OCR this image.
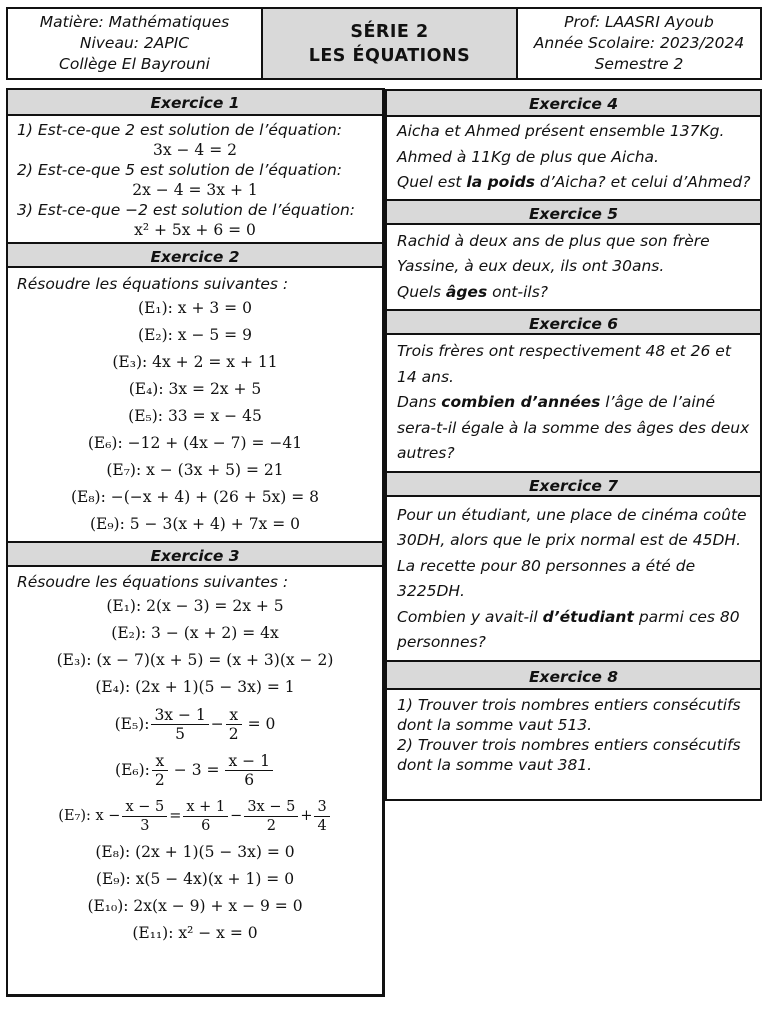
Matière: Mathématiques
Niveau: 2APIC
Collège El Bayrouni
SÉRIE 2
LES ÉQUATIONS
Prof: LAASRI Ayoub
Année Scolaire: 2023/2024
Semestre 2
Exercice 1
1) Est-ce-que 2 est solution de l’équation:
3x − 4 = 2
2) Est-ce-que 5 est solution de l’équation:
2x − 4 = 3x + 1
3) Est-ce-que −2 est solution de l’équation:
x² + 5x + 6 = 0
Exercice 2
Résoudre les équations suivantes :
(E₁): x + 3 = 0
(E₂): x − 5 = 9
(E₃): 4x + 2 = x + 11
(E₄): 3x = 2x + 5
(E₅): 33 = x − 45
(E₆): −12 + (4x − 7) = −41
(E₇): x − (3x + 5) = 21
(E₈): −(−x + 4) + (26 + 5x) = 8
(E₉): 5 − 3(x + 4) + 7x = 0
Exercice 3
Résoudre les équations suivantes :
(E₁): 2(x − 3) = 2x + 5
(E₂): 3 − (x + 2) = 4x
(E₃): (x − 7)(x + 5) = (x + 3)(x − 2)
(E₄): (2x + 1)(5 − 3x) = 1
(E₅): $\frac{3x - 1}{5} - \frac{x}{2} = 0$
(E₆): $\frac{x}{2} - 3 = \frac{x - 1}{6}$
(E₇): $x - \frac{x - 5}{3} = \frac{x + 1}{6} - \frac{3x - 5}{2} + \frac{3}{4}$
(E₈): (2x + 1)(5 − 3x) = 0
(E₉): x(5 − 4x)(x + 1) = 0
(E₁₀): 2x(x − 9) + x − 9 = 0
(E₁₁): x² − x = 0
Exercice 4
Aicha et Ahmed présent ensemble 137Kg.
Ahmed à 11Kg de plus que Aicha.
Quel est la poids d’Aicha? et celui d’Ahmed?
Exercice 5
Rachid à deux ans de plus que son frère Yassine, à eux deux, ils ont 30ans.
Quels âges ont-ils?
Exercice 6
Trois frères ont respectivement 48 et 26 et 14 ans.
Dans combien d’années l’âge de l’ainé sera-t-il égale à la somme des âges des deux autres?
Exercice 7
Pour un étudiant, une place de cinéma coûte 30DH, alors que le prix normal est de 45DH.
La recette pour 80 personnes a été de 3225DH.
Combien y avait-il d’étudiant parmi ces 80 personnes?
Exercice 8
1) Trouver trois nombres entiers consécutifs dont la somme vaut 513.
2) Trouver trois nombres entiers consécutifs dont la somme vaut 381.
